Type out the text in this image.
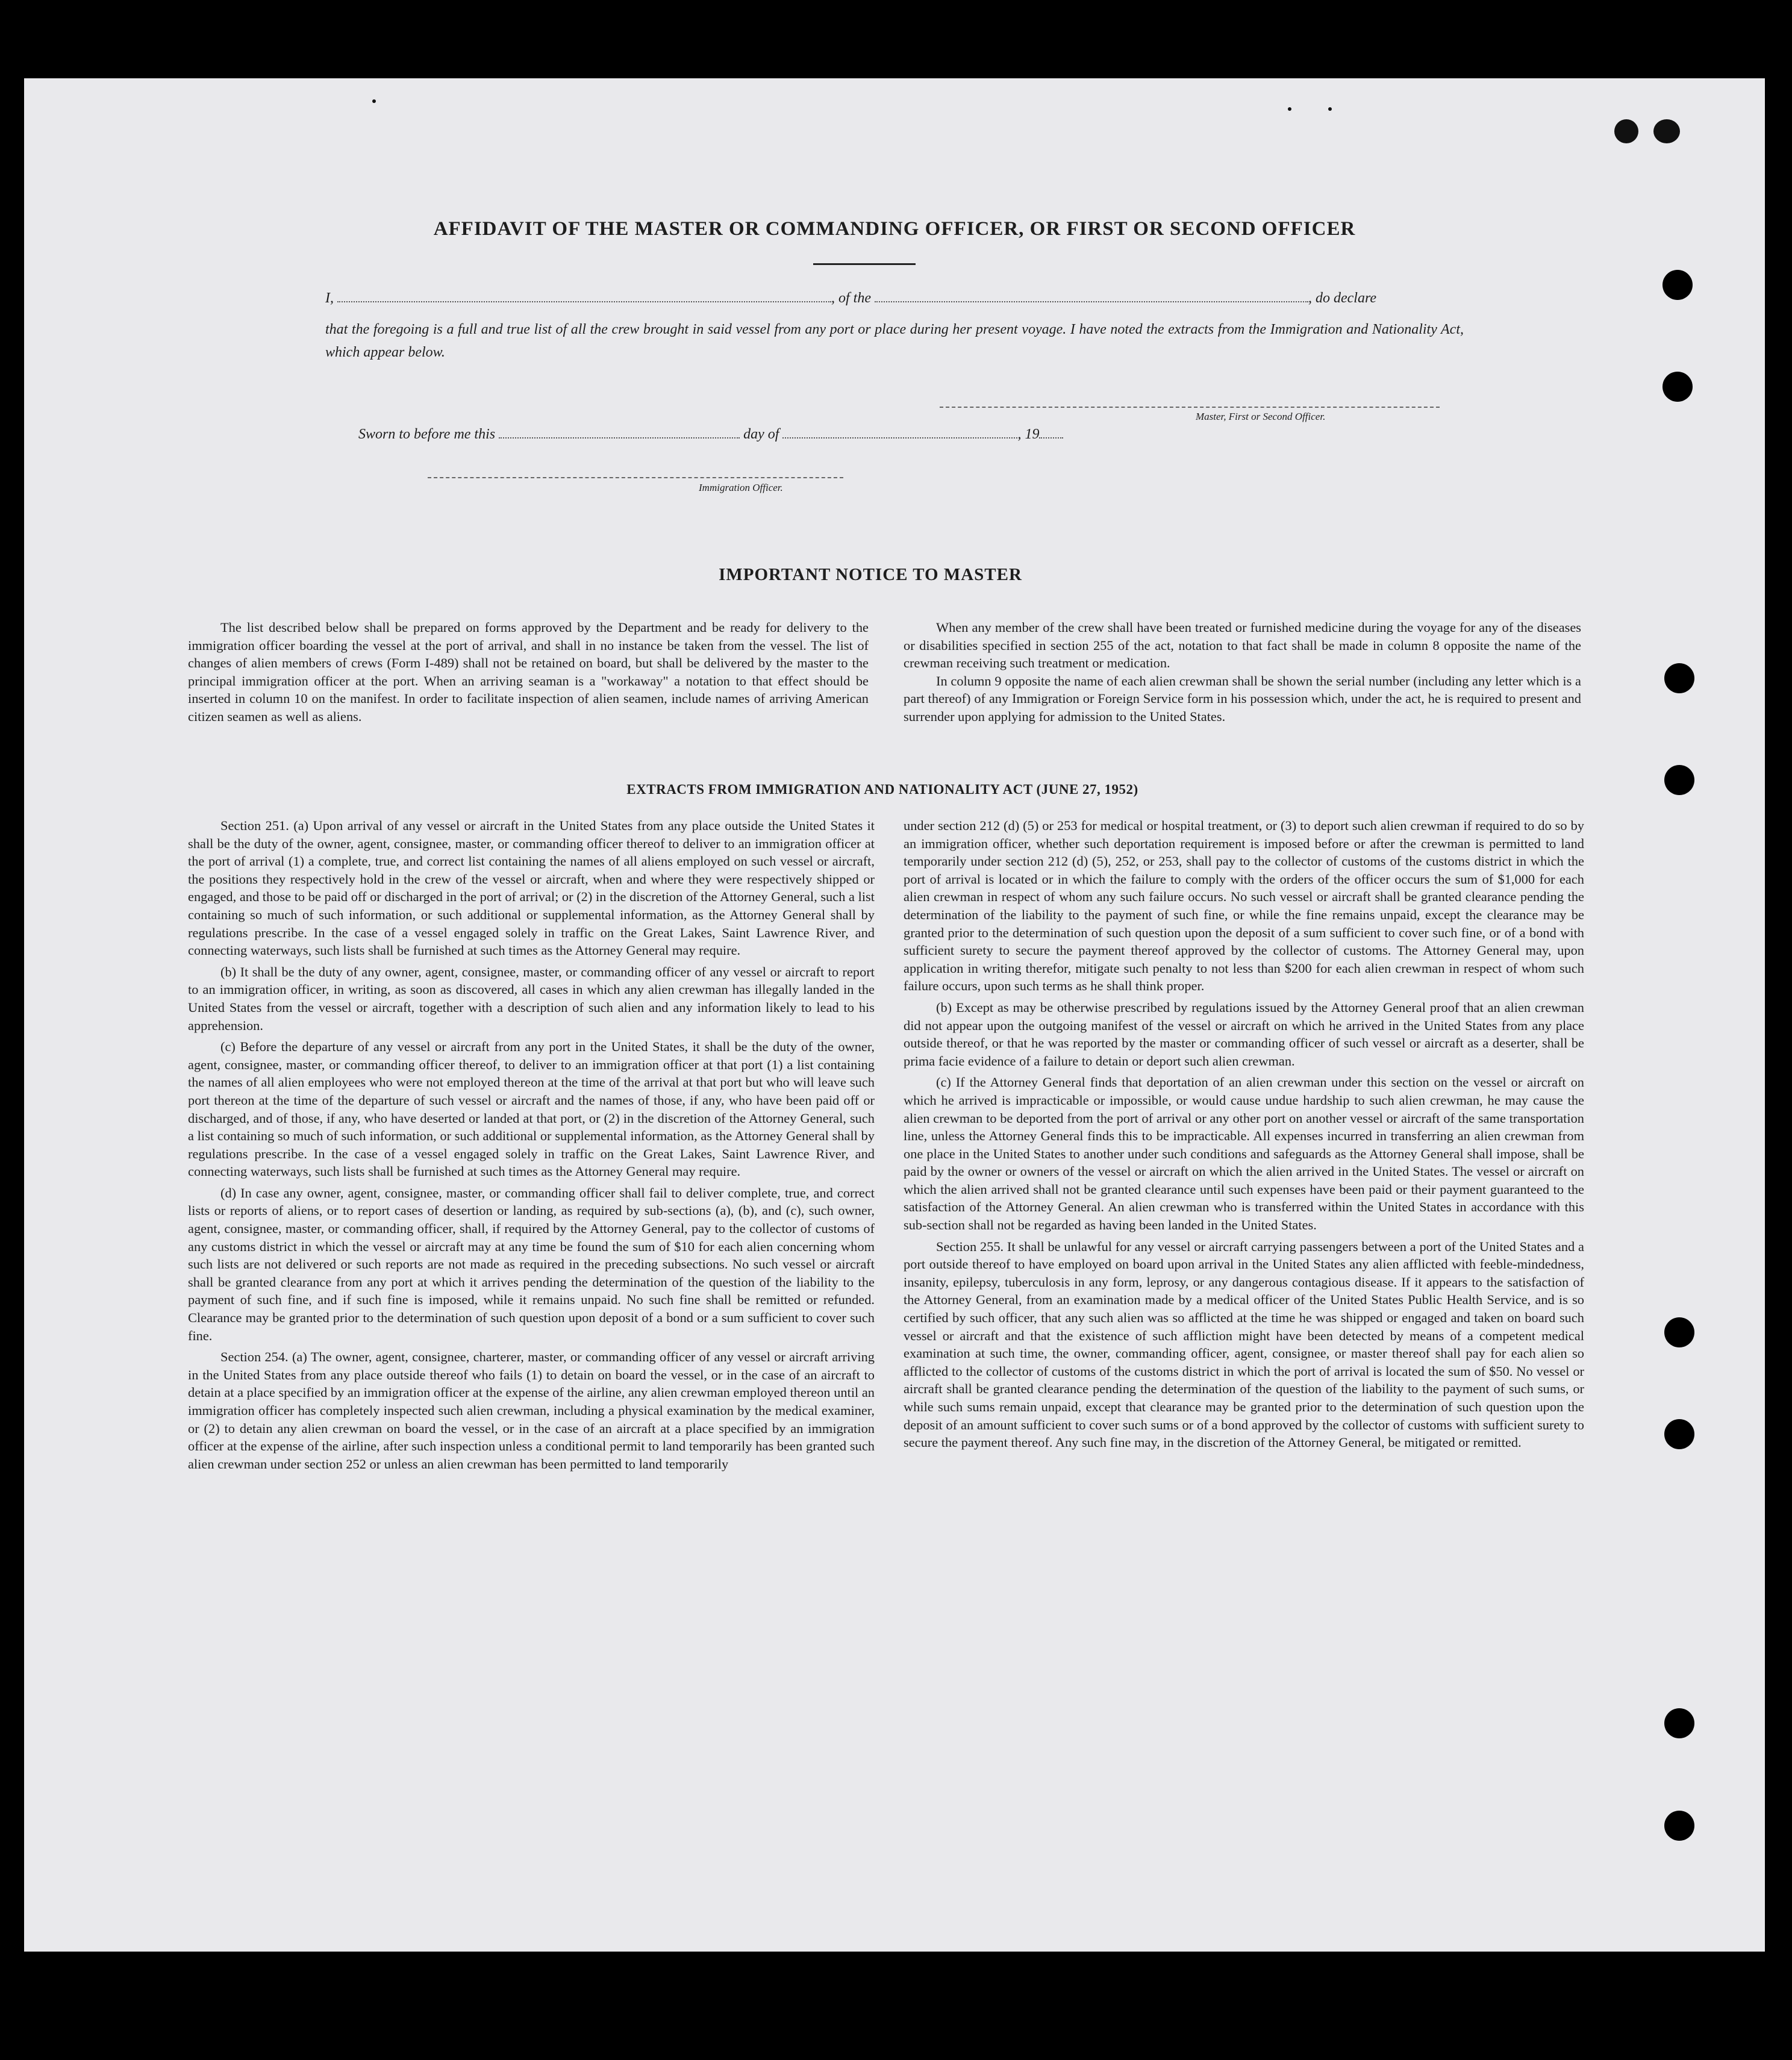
AFFIDAVIT OF THE MASTER OR COMMANDING OFFICER, OR FIRST OR SECOND OFFICER
I,	, of the	, do declare
that the foregoing is a full and true list of all the crew brought in said vessel from any port or place during her present voyage. I have noted the extracts from the Immigration and Nationality Act, which appear below.
Master, First or Second Officer.
Sworn to before me this	day of	, 19
Immigration Officer.
IMPORTANT NOTICE TO MASTER

The list described below shall be prepared on forms approved by the Department and be ready for delivery to the immigration officer boarding the vessel at the port of arrival, and shall in no instance be taken from the vessel. The list of changes of alien members of crews (Form I-489) shall not be retained on board, but shall be delivered by the master to the principal immigration officer at the port. When an arriving seaman is a "workaway" a notation to that effect should be inserted in column 10 on the manifest. In order to facilitate inspection of alien seamen, include names of arriving American citizen seamen as well as aliens.

When any member of the crew shall have been treated or furnished medicine during the voyage for any of the diseases or disabilities specified in section 255 of the act, notation to that fact shall be made in column 8 opposite the name of the crewman receiving such treatment or medication.

In column 9 opposite the name of each alien crewman shall be shown the serial number (including any letter which is a part thereof) of any Immigration or Foreign Service form in his possession which, under the act, he is required to present and surrender upon applying for admission to the United States.

EXTRACTS FROM IMMIGRATION AND NATIONALITY ACT (JUNE 27, 1952)

Section 251. (a) Upon arrival of any vessel or aircraft in the United States from any place outside the United States it shall be the duty of the owner, agent, consignee, master, or commanding officer thereof to deliver to an immigration officer at the port of arrival (1) a complete, true, and correct list containing the names of all aliens employed on such vessel or aircraft, the positions they respectively hold in the crew of the vessel or aircraft, when and where they were respectively shipped or engaged, and those to be paid off or discharged in the port of arrival; or (2) in the discretion of the Attorney General, such a list containing so much of such information, or such additional or supplemental information, as the Attorney General shall by regulations prescribe. In the case of a vessel engaged solely in traffic on the Great Lakes, Saint Lawrence River, and connecting waterways, such lists shall be furnished at such times as the Attorney General may require.

(b) It shall be the duty of any owner, agent, consignee, master, or commanding officer of any vessel or aircraft to report to an immigration officer, in writing, as soon as discovered, all cases in which any alien crewman has illegally landed in the United States from the vessel or aircraft, together with a description of such alien and any information likely to lead to his apprehension.

(c) Before the departure of any vessel or aircraft from any port in the United States, it shall be the duty of the owner, agent, consignee, master, or commanding officer thereof, to deliver to an immigration officer at that port (1) a list containing the names of all alien employees who were not employed thereon at the time of the arrival at that port but who will leave such port thereon at the time of the departure of such vessel or aircraft and the names of those, if any, who have been paid off or discharged, and of those, if any, who have deserted or landed at that port, or (2) in the discretion of the Attorney General, such a list containing so much of such information, or such additional or supplemental information, as the Attorney General shall by regulations prescribe. In the case of a vessel engaged solely in traffic on the Great Lakes, Saint Lawrence River, and connecting waterways, such lists shall be furnished at such times as the Attorney General may require.

(d) In case any owner, agent, consignee, master, or commanding officer shall fail to deliver complete, true, and correct lists or reports of aliens, or to report cases of desertion or landing, as required by sub-sections (a), (b), and (c), such owner, agent, consignee, master, or commanding officer, shall, if required by the Attorney General, pay to the collector of customs of any customs district in which the vessel or aircraft may at any time be found the sum of $10 for each alien concerning whom such lists are not delivered or such reports are not made as required in the preceding subsections. No such vessel or aircraft shall be granted clearance from any port at which it arrives pending the determination of the question of the liability to the payment of such fine, and if such fine is imposed, while it remains unpaid. No such fine shall be remitted or refunded. Clearance may be granted prior to the determination of such question upon deposit of a bond or a sum sufficient to cover such fine.

Section 254. (a) The owner, agent, consignee, charterer, master, or commanding officer of any vessel or aircraft arriving in the United States from any place outside thereof who fails (1) to detain on board the vessel, or in the case of an aircraft to detain at a place specified by an immigration officer at the expense of the airline, any alien crewman employed thereon until an immigration officer has completely inspected such alien crewman, including a physical examination by the medical examiner, or (2) to detain any alien crewman on board the vessel, or in the case of an aircraft at a place specified by an immigration officer at the expense of the airline, after such inspection unless a conditional permit to land temporarily has been granted such alien crewman under section 252 or unless an alien crewman has been permitted to land temporarily

under section 212 (d) (5) or 253 for medical or hospital treatment, or (3) to deport such alien crewman if required to do so by an immigration officer, whether such deportation requirement is imposed before or after the crewman is permitted to land temporarily under section 212 (d) (5), 252, or 253, shall pay to the collector of customs of the customs district in which the port of arrival is located or in which the failure to comply with the orders of the officer occurs the sum of $1,000 for each alien crewman in respect of whom any such failure occurs. No such vessel or aircraft shall be granted clearance pending the determination of the liability to the payment of such fine, or while the fine remains unpaid, except the clearance may be granted prior to the determination of such question upon the deposit of a sum sufficient to cover such fine, or of a bond with sufficient surety to secure the payment thereof approved by the collector of customs. The Attorney General may, upon application in writing therefor, mitigate such penalty to not less than $200 for each alien crewman in respect of whom such failure occurs, upon such terms as he shall think proper.

(b) Except as may be otherwise prescribed by regulations issued by the Attorney General proof that an alien crewman did not appear upon the outgoing manifest of the vessel or aircraft on which he arrived in the United States from any place outside thereof, or that he was reported by the master or commanding officer of such vessel or aircraft as a deserter, shall be prima facie evidence of a failure to detain or deport such alien crewman.

(c) If the Attorney General finds that deportation of an alien crewman under this section on the vessel or aircraft on which he arrived is impracticable or impossible, or would cause undue hardship to such alien crewman, he may cause the alien crewman to be deported from the port of arrival or any other port on another vessel or aircraft of the same transportation line, unless the Attorney General finds this to be impracticable. All expenses incurred in transferring an alien crewman from one place in the United States to another under such conditions and safeguards as the Attorney General shall impose, shall be paid by the owner or owners of the vessel or aircraft on which the alien arrived in the United States. The vessel or aircraft on which the alien arrived shall not be granted clearance until such expenses have been paid or their payment guaranteed to the satisfaction of the Attorney General. An alien crewman who is transferred within the United States in accordance with this sub-section shall not be regarded as having been landed in the United States.

Section 255. It shall be unlawful for any vessel or aircraft carrying passengers between a port of the United States and a port outside thereof to have employed on board upon arrival in the United States any alien afflicted with feeble-mindedness, insanity, epilepsy, tuberculosis in any form, leprosy, or any dangerous contagious disease. If it appears to the satisfaction of the Attorney General, from an examination made by a medical officer of the United States Public Health Service, and is so certified by such officer, that any such alien was so afflicted at the time he was shipped or engaged and taken on board such vessel or aircraft and that the existence of such affliction might have been detected by means of a competent medical examination at such time, the owner, commanding officer, agent, consignee, or master thereof shall pay for each alien so afflicted to the collector of customs of the customs district in which the port of arrival is located the sum of $50. No vessel or aircraft shall be granted clearance pending the determination of the question of the liability to the payment of such sums, or while such sums remain unpaid, except that clearance may be granted prior to the determination of such question upon the deposit of an amount sufficient to cover such sums or of a bond approved by the collector of customs with sufficient surety to secure the payment thereof. Any such fine may, in the discretion of the Attorney General, be mitigated or remitted.
